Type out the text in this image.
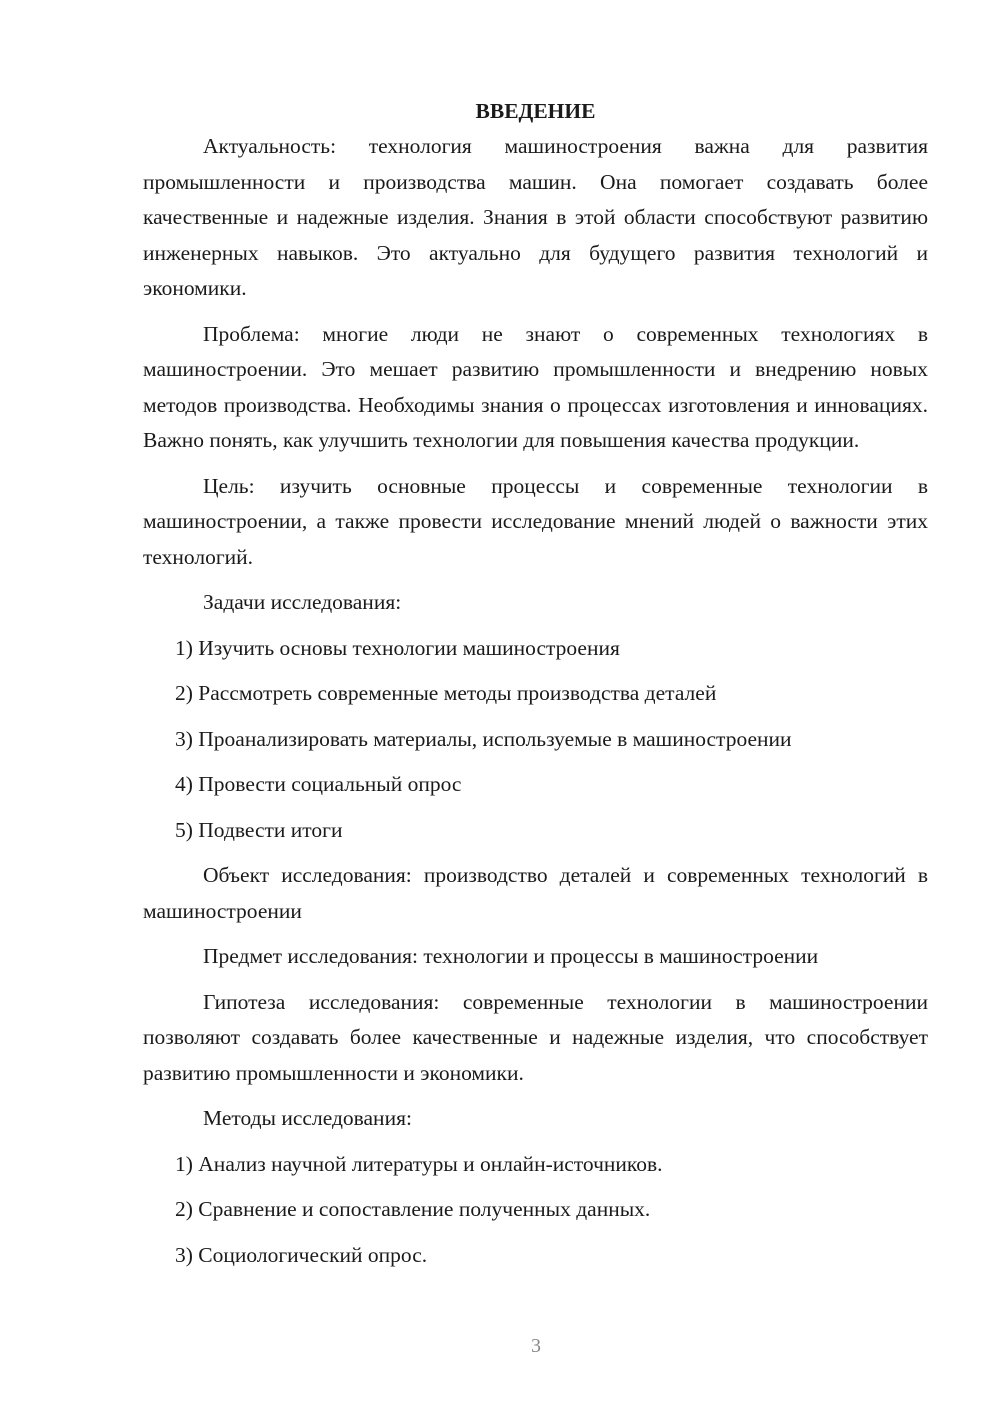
ВВЕДЕНИЕ

Актуальность: технология машиностроения важна для развития промышленности и производства машин. Она помогает создавать более качественные и надежные изделия. Знания в этой области способствуют развитию инженерных навыков. Это актуально для будущего развития технологий и экономики.

Проблема: многие люди не знают о современных технологиях в машиностроении. Это мешает развитию промышленности и внедрению новых методов производства. Необходимы знания о процессах изготовления и инновациях. Важно понять, как улучшить технологии для повышения качества продукции.

Цель: изучить основные процессы и современные технологии в машиностроении, а также провести исследование мнений людей о важности этих технологий.

Задачи исследования:

1) Изучить основы технологии машиностроения
2) Рассмотреть современные методы производства деталей
3) Проанализировать материалы, используемые в машиностроении
4) Провести социальный опрос
5) Подвести итоги

Объект исследования: производство деталей и современных технологий в машиностроении

Предмет исследования: технологии и процессы в машиностроении

Гипотеза исследования: современные технологии в машиностроении позволяют создавать более качественные и надежные изделия, что способствует развитию промышленности и экономики.

Методы исследования:

1) Анализ научной литературы и онлайн-источников.
2) Сравнение и сопоставление полученных данных.
3) Социологический опрос.
3
